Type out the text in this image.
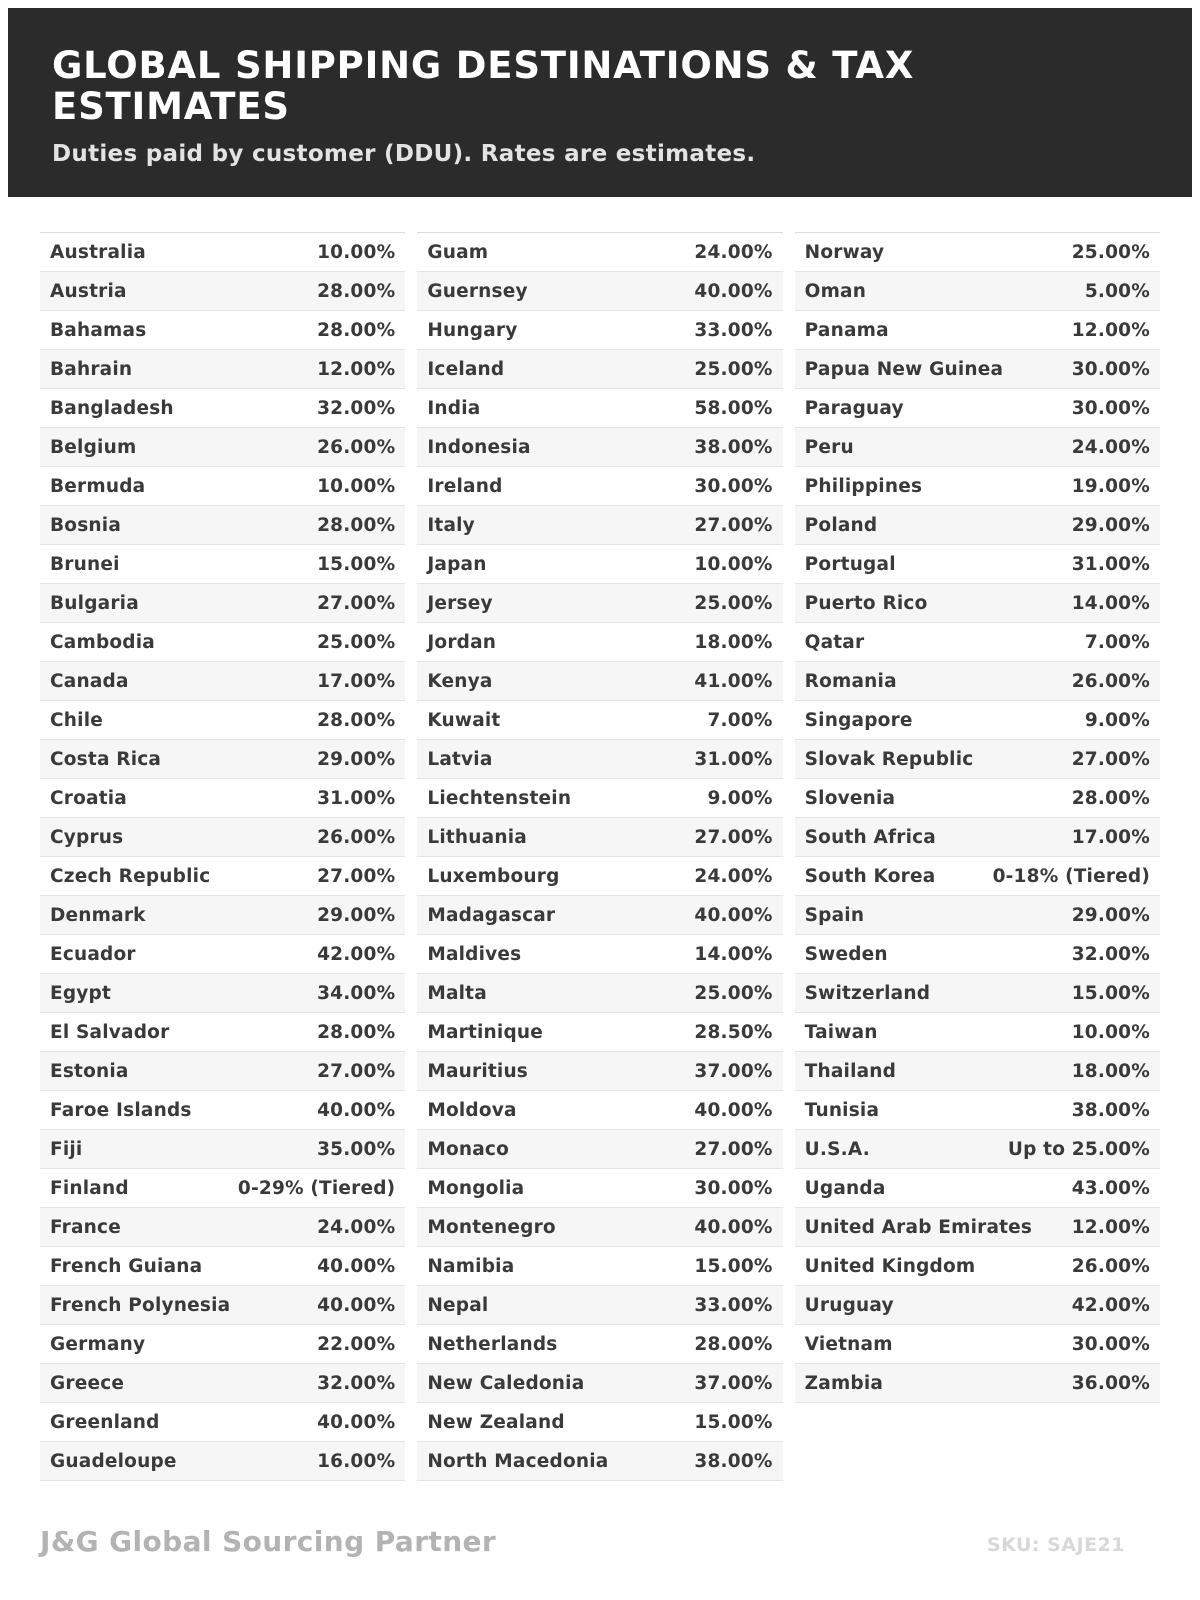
GLOBAL SHIPPING DESTINATIONS & TAX ESTIMATES

Duties paid by customer (DDU). Rates are estimates.

Australia	10.00%
Austria	28.00%
Bahamas	28.00%
Bahrain	12.00%
Bangladesh	32.00%
Belgium	26.00%
Bermuda	10.00%
Bosnia	28.00%
Brunei	15.00%
Bulgaria	27.00%
Cambodia	25.00%
Canada	17.00%
Chile	28.00%
Costa Rica	29.00%
Croatia	31.00%
Cyprus	26.00%
Czech Republic	27.00%
Denmark	29.00%
Ecuador	42.00%
Egypt	34.00%
El Salvador	28.00%
Estonia	27.00%
Faroe Islands	40.00%
Fiji	35.00%
Finland	0-29% (Tiered)
France	24.00%
French Guiana	40.00%
French Polynesia	40.00%
Germany	22.00%
Greece	32.00%
Greenland	40.00%
Guadeloupe	16.00%
Guam	24.00%
Guernsey	40.00%
Hungary	33.00%
Iceland	25.00%
India	58.00%
Indonesia	38.00%
Ireland	30.00%
Italy	27.00%
Japan	10.00%
Jersey	25.00%
Jordan	18.00%
Kenya	41.00%
Kuwait	7.00%
Latvia	31.00%
Liechtenstein	9.00%
Lithuania	27.00%
Luxembourg	24.00%
Madagascar	40.00%
Maldives	14.00%
Malta	25.00%
Martinique	28.50%
Mauritius	37.00%
Moldova	40.00%
Monaco	27.00%
Mongolia	30.00%
Montenegro	40.00%
Namibia	15.00%
Nepal	33.00%
Netherlands	28.00%
New Caledonia	37.00%
New Zealand	15.00%
North Macedonia	38.00%
Norway	25.00%
Oman	5.00%
Panama	12.00%
Papua New Guinea	30.00%
Paraguay	30.00%
Peru	24.00%
Philippines	19.00%
Poland	29.00%
Portugal	31.00%
Puerto Rico	14.00%
Qatar	7.00%
Romania	26.00%
Singapore	9.00%
Slovak Republic	27.00%
Slovenia	28.00%
South Africa	17.00%
South Korea	0-18% (Tiered)
Spain	29.00%
Sweden	32.00%
Switzerland	15.00%
Taiwan	10.00%
Thailand	18.00%
Tunisia	38.00%
U.S.A.	Up to 25.00%
Uganda	43.00%
United Arab Emirates 12.00%
United Kingdom	26.00%
Uruguay	42.00%
Vietnam	30.00%
Zambia	36.00%
J&G Global Sourcing Partner	SKU: SAJE21
